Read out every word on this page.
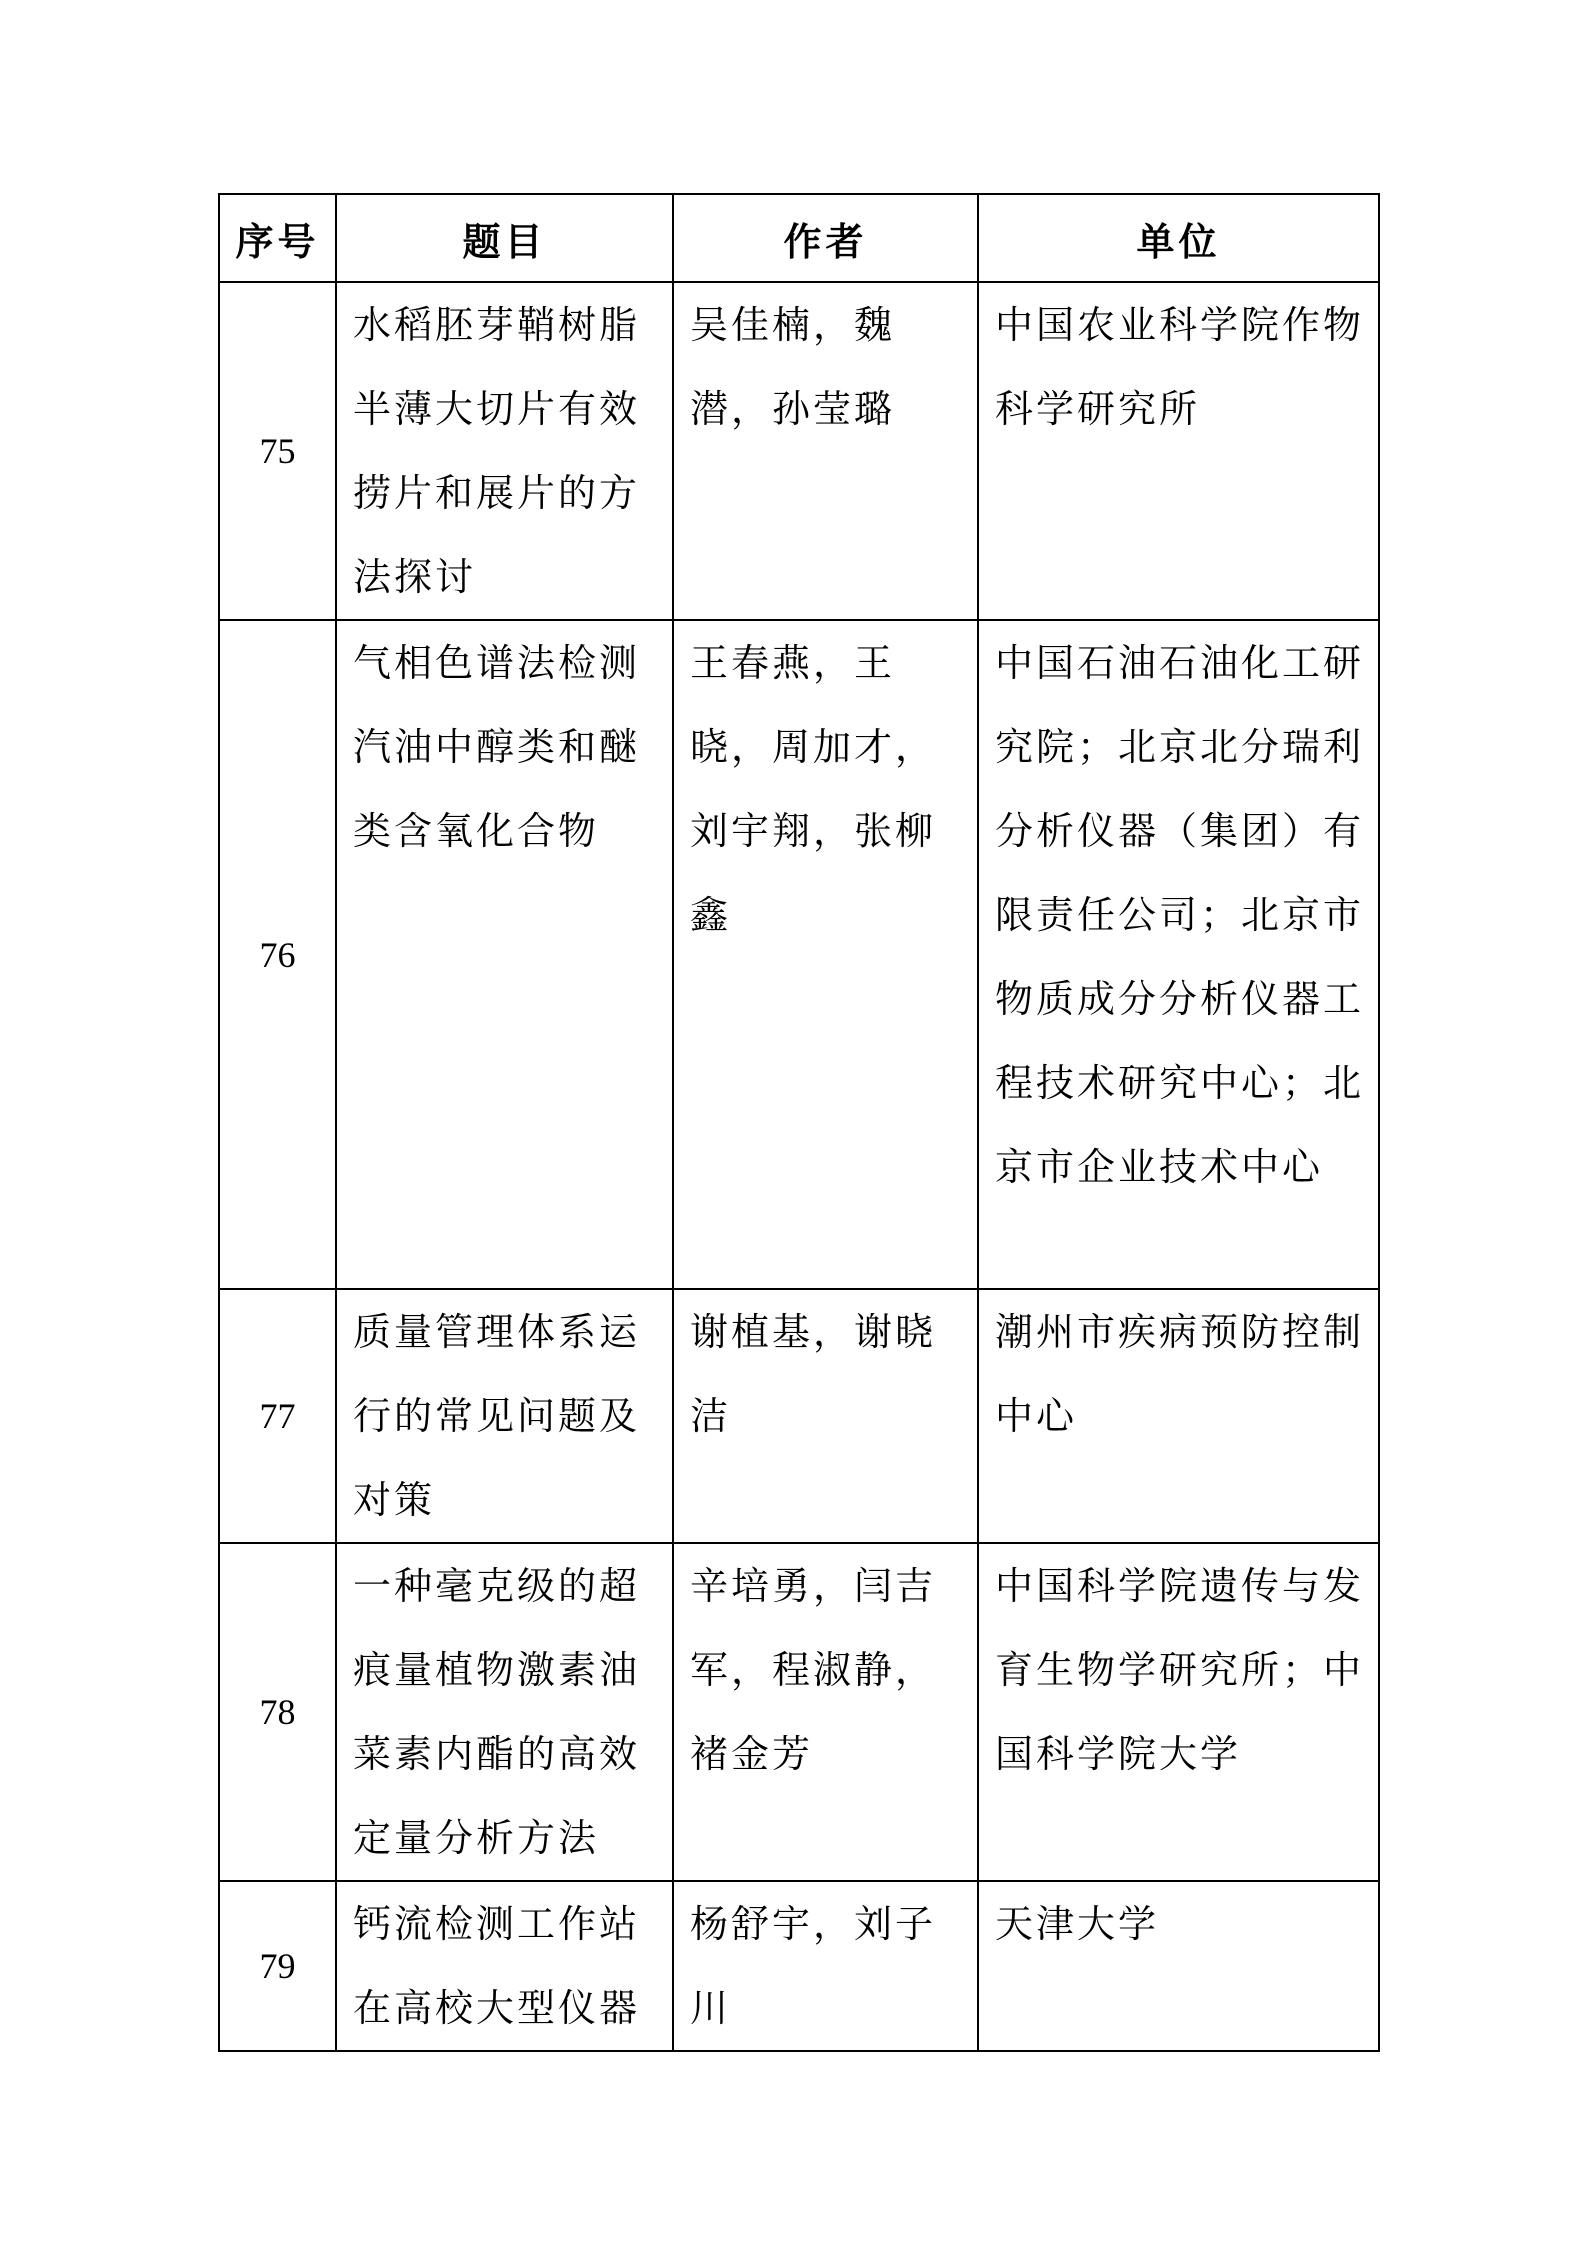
序号	题目	作者	单位
75	水稻胚芽鞘树脂半薄大切片有效捞片和展片的方法探讨	吴佳楠，魏潜，孙莹璐	中国农业科学院作物科学研究所
76	气相色谱法检测汽油中醇类和醚类含氧化合物	王春燕，王晓，周加才，刘宇翔，张柳鑫	中国石油石油化工研究院；北京北分瑞利分析仪器（集团）有限责任公司；北京市物质成分分析仪器工程技术研究中心；北京市企业技术中心
77	质量管理体系运行的常见问题及对策	谢植基，谢晓洁	潮州市疾病预防控制中心
78	一种毫克级的超痕量植物激素油菜素内酯的高效定量分析方法	辛培勇，闫吉军，程淑静，褚金芳	中国科学院遗传与发育生物学研究所；中国科学院大学
79	钙流检测工作站在高校大型仪器	杨舒宇，刘子川	天津大学
